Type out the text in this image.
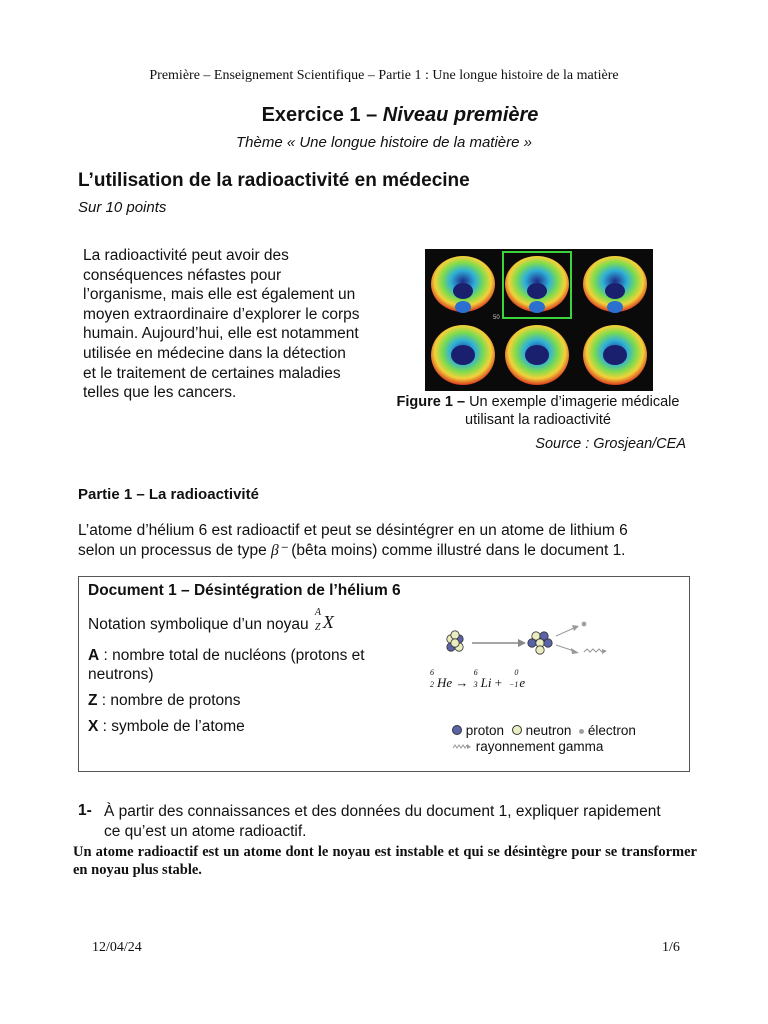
Première – Enseignement Scientifique – Partie 1 : Une longue histoire de la matière
Exercice 1 – Niveau première
Thème « Une longue histoire de la matière »
L’utilisation de la radioactivité en médecine
Sur 10 points
La radioactivité peut avoir des
conséquences néfastes pour
l’organisme, mais elle est également un
moyen extraordinaire d’explorer le corps
humain. Aujourd’hui, elle est notamment
utilisée en médecine dans la détection
et le traitement de certaines maladies
telles que les cancers.
50
Figure 1 – Un exemple d’imagerie médicale
utilisant la radioactivité
Source : Grosjean/CEA
Partie 1 – La radioactivité
L’atome d’hélium 6 est radioactif et peut se désintégrer en un atome de lithium 6
selon un processus de type β⁻ (bêta moins) comme illustré dans le document 1.
Document 1 – Désintégration de l’hélium 6
Notation symbolique d’un noyau
A
Z X
A : nombre total de nucléons (protons et neutrons)
Z : nombre de protons
X : symbole de l’atome
6
2 He →
6
3 Li +
0
−1 e
proton neutron électron
rayonnement gamma
1- À partir des connaissances et des données du document 1, expliquer rapidement
ce qu’est un atome radioactif.
Un atome radioactif est un atome dont le noyau est instable et qui se désintègre pour se transformer en noyau plus stable.
12/04/24	1/6
